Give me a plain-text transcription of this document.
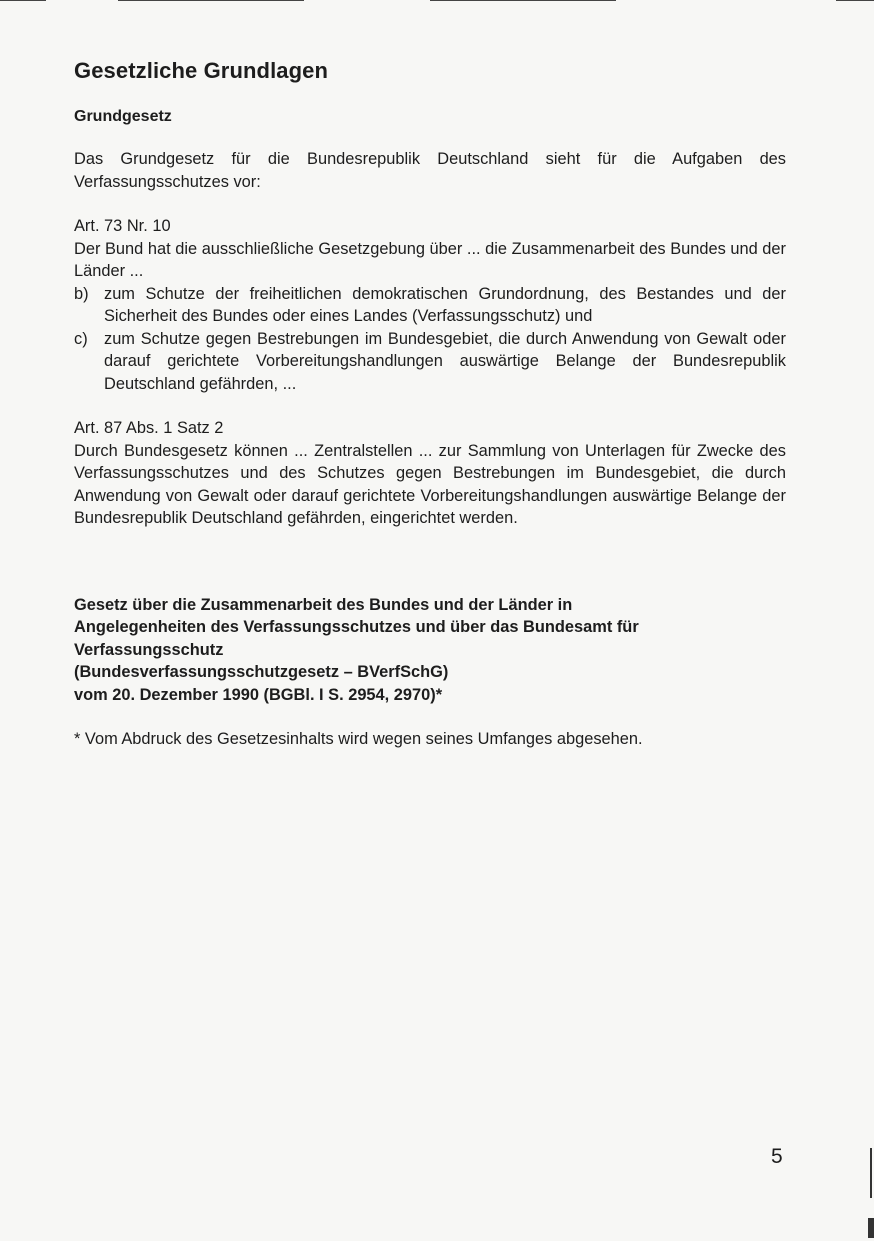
Gesetzliche Grundlagen
Grundgesetz

Das Grundgesetz für die Bundesrepublik Deutschland sieht für die Aufgaben des Verfassungsschutzes vor:

Art. 73 Nr. 10

Der Bund hat die ausschließliche Gesetzgebung über ... die Zusammenarbeit des Bundes und der Länder ...

b) zum Schutze der freiheitlichen demokratischen Grundordnung, des Bestandes und der Sicherheit des Bundes oder eines Landes (Verfassungsschutz) und
c) zum Schutze gegen Bestrebungen im Bundesgebiet, die durch Anwendung von Gewalt oder darauf gerichtete Vorbereitungshandlungen auswärtige Belange der Bundesrepublik Deutschland gefährden, ...
Art. 87 Abs. 1 Satz 2

Durch Bundesgesetz können ... Zentralstellen ... zur Sammlung von Unterlagen für Zwecke des Verfassungsschutzes und des Schutzes gegen Bestrebungen im Bundesgebiet, die durch Anwendung von Gewalt oder darauf gerichtete Vorbereitungshandlungen auswärtige Belange der Bundesrepublik Deutschland gefährden, eingerichtet werden.

Gesetz über die Zusammenarbeit des Bundes und der Länder in
Angelegenheiten des Verfassungsschutzes und über das Bundesamt für
Verfassungsschutz
(Bundesverfassungsschutzgesetz – BVerfSchG)
vom 20. Dezember 1990 (BGBl. I S. 2954, 2970)*
* Vom Abdruck des Gesetzesinhalts wird wegen seines Umfanges abgesehen.
5
